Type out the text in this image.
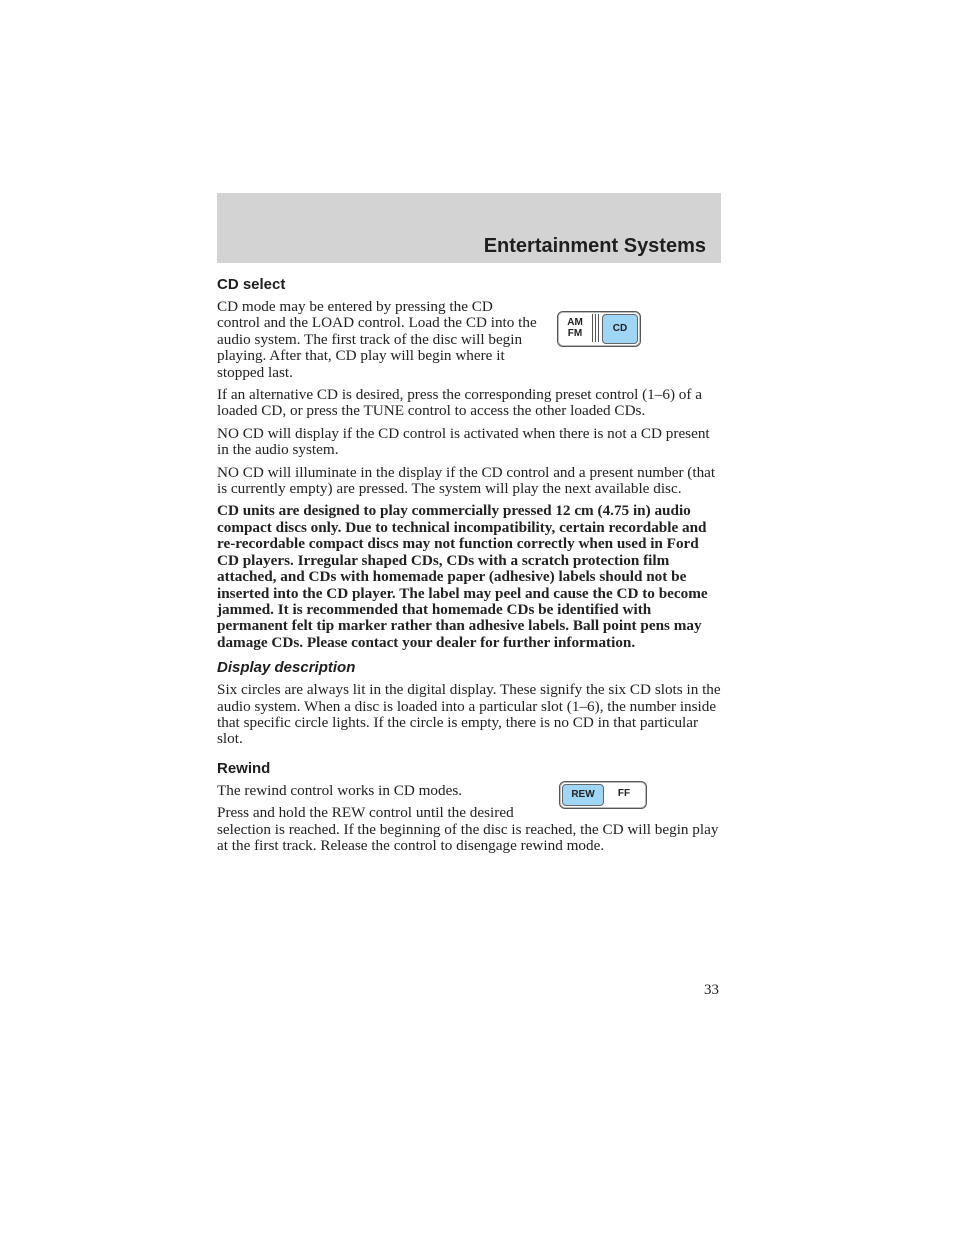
Entertainment Systems
CD select
AM
FM	CD

CD mode may be entered by pressing the CD control and the LOAD control. Load the CD into the audio system. The first track of the disc will begin playing. After that, CD play will begin where it stopped last.

If an alternative CD is desired, press the corresponding preset control (1–6) of a loaded CD, or press the TUNE control to access the other loaded CDs.

NO CD will display if the CD control is activated when there is not a CD present in the audio system.

NO CD will illuminate in the display if the CD control and a present number (that is currently empty) are pressed. The system will play the next available disc.

CD units are designed to play commercially pressed 12 cm (4.75 in) audio compact discs only. Due to technical incompatibility, certain recordable and re-recordable compact discs may not function correctly when used in Ford CD players. Irregular shaped CDs, CDs with a scratch protection film attached, and CDs with homemade paper (adhesive) labels should not be inserted into the CD player. The label may peel and cause the CD to become jammed. It is recommended that homemade CDs be identified with permanent felt tip marker rather than adhesive labels. Ball point pens may damage CDs. Please contact your dealer for further information.

Display description

Six circles are always lit in the digital display. These signify the six CD slots in the audio system. When a disc is loaded into a particular slot (1–6), the number inside that specific circle lights. If the circle is empty, there is no CD in that particular slot.

Rewind
REW	FF

The rewind control works in CD modes.

Press and hold the REW control until the desired selection is reached. If the beginning of the disc is reached, the CD will begin play at the first track. Release the control to disengage rewind mode.

33
